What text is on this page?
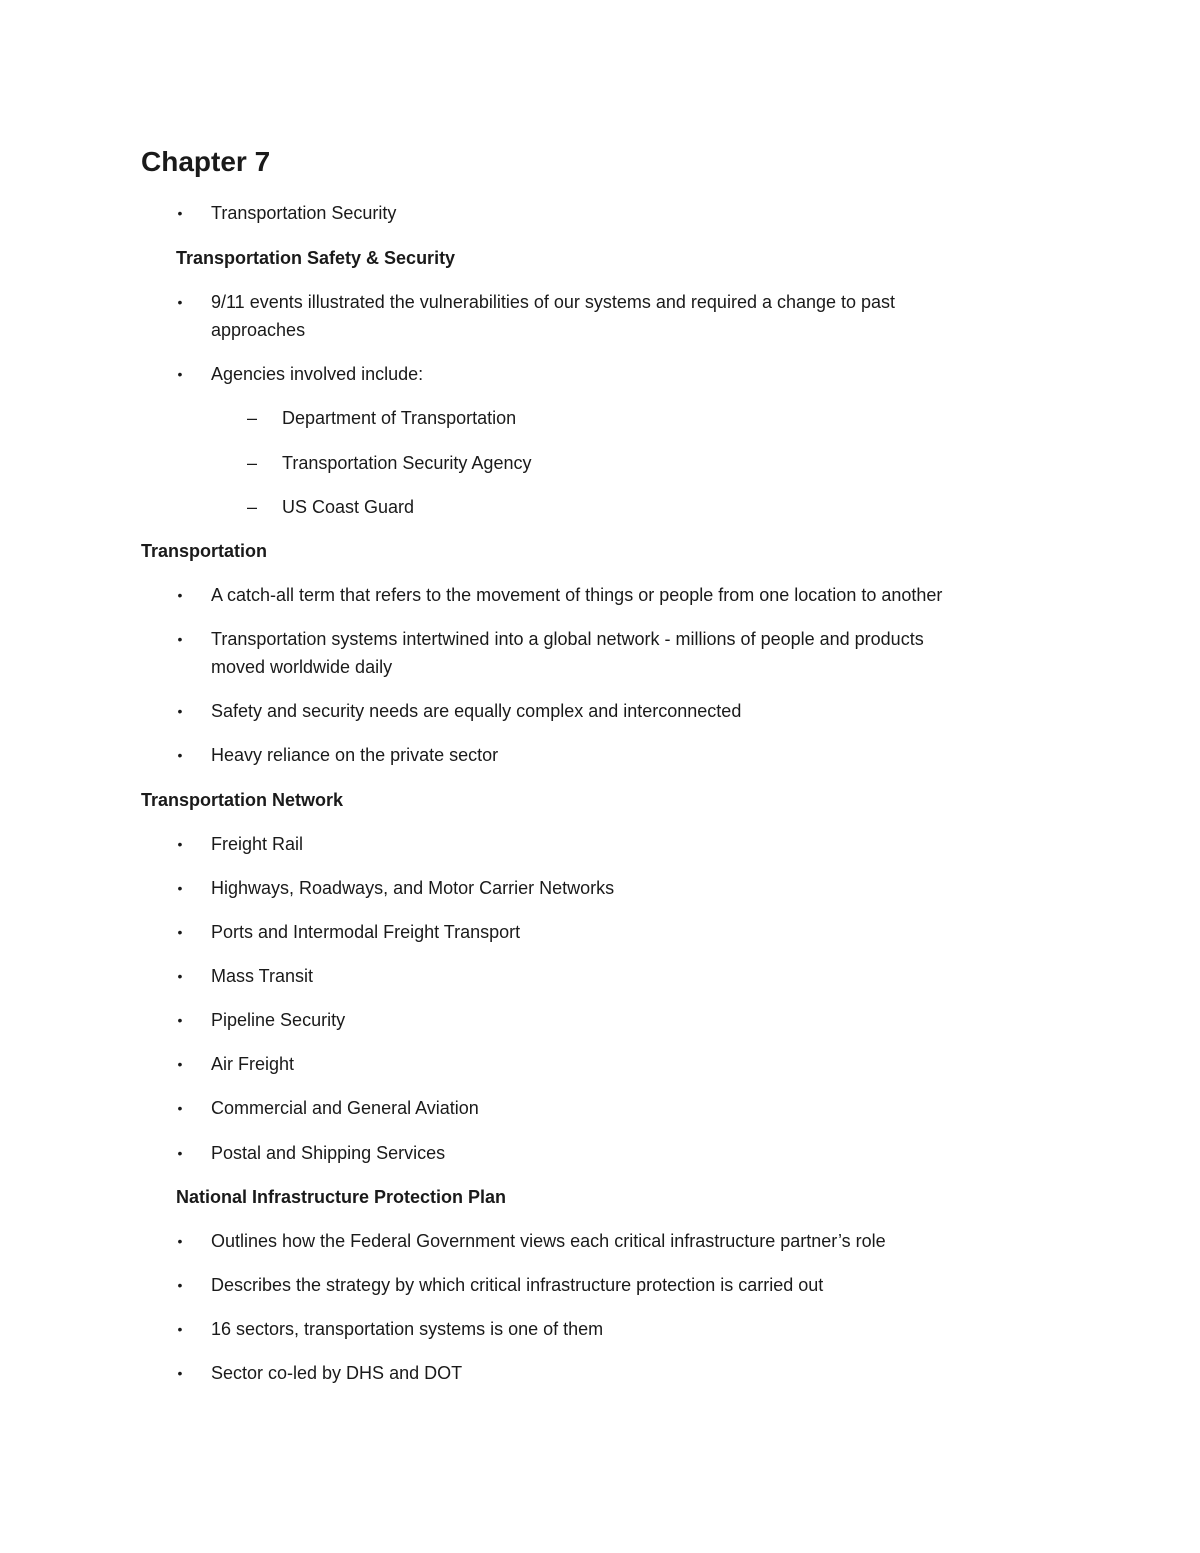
Chapter 7
•	Transportation Security
Transportation Safety & Security
•	9/11 events illustrated the vulnerabilities of our systems and required a change to past
approaches
•	Agencies involved include:
– Department of Transportation
– Transportation Security Agency
– US Coast Guard
Transportation
•	A catch-all term that refers to the movement of things or people from one location to another
•	Transportation systems intertwined into a global network - millions of people and products
moved worldwide daily
•	Safety and security needs are equally complex and interconnected
•	Heavy reliance on the private sector
Transportation Network
•	Freight Rail
•	Highways, Roadways, and Motor Carrier Networks
•	Ports and Intermodal Freight Transport
•	Mass Transit
•	Pipeline Security
•	Air Freight
•	Commercial and General Aviation
•	Postal and Shipping Services
National Infrastructure Protection Plan
•	Outlines how the Federal Government views each critical infrastructure partner’s role
•	Describes the strategy by which critical infrastructure protection is carried out
•	16 sectors, transportation systems is one of them
•	Sector co-led by DHS and DOT
